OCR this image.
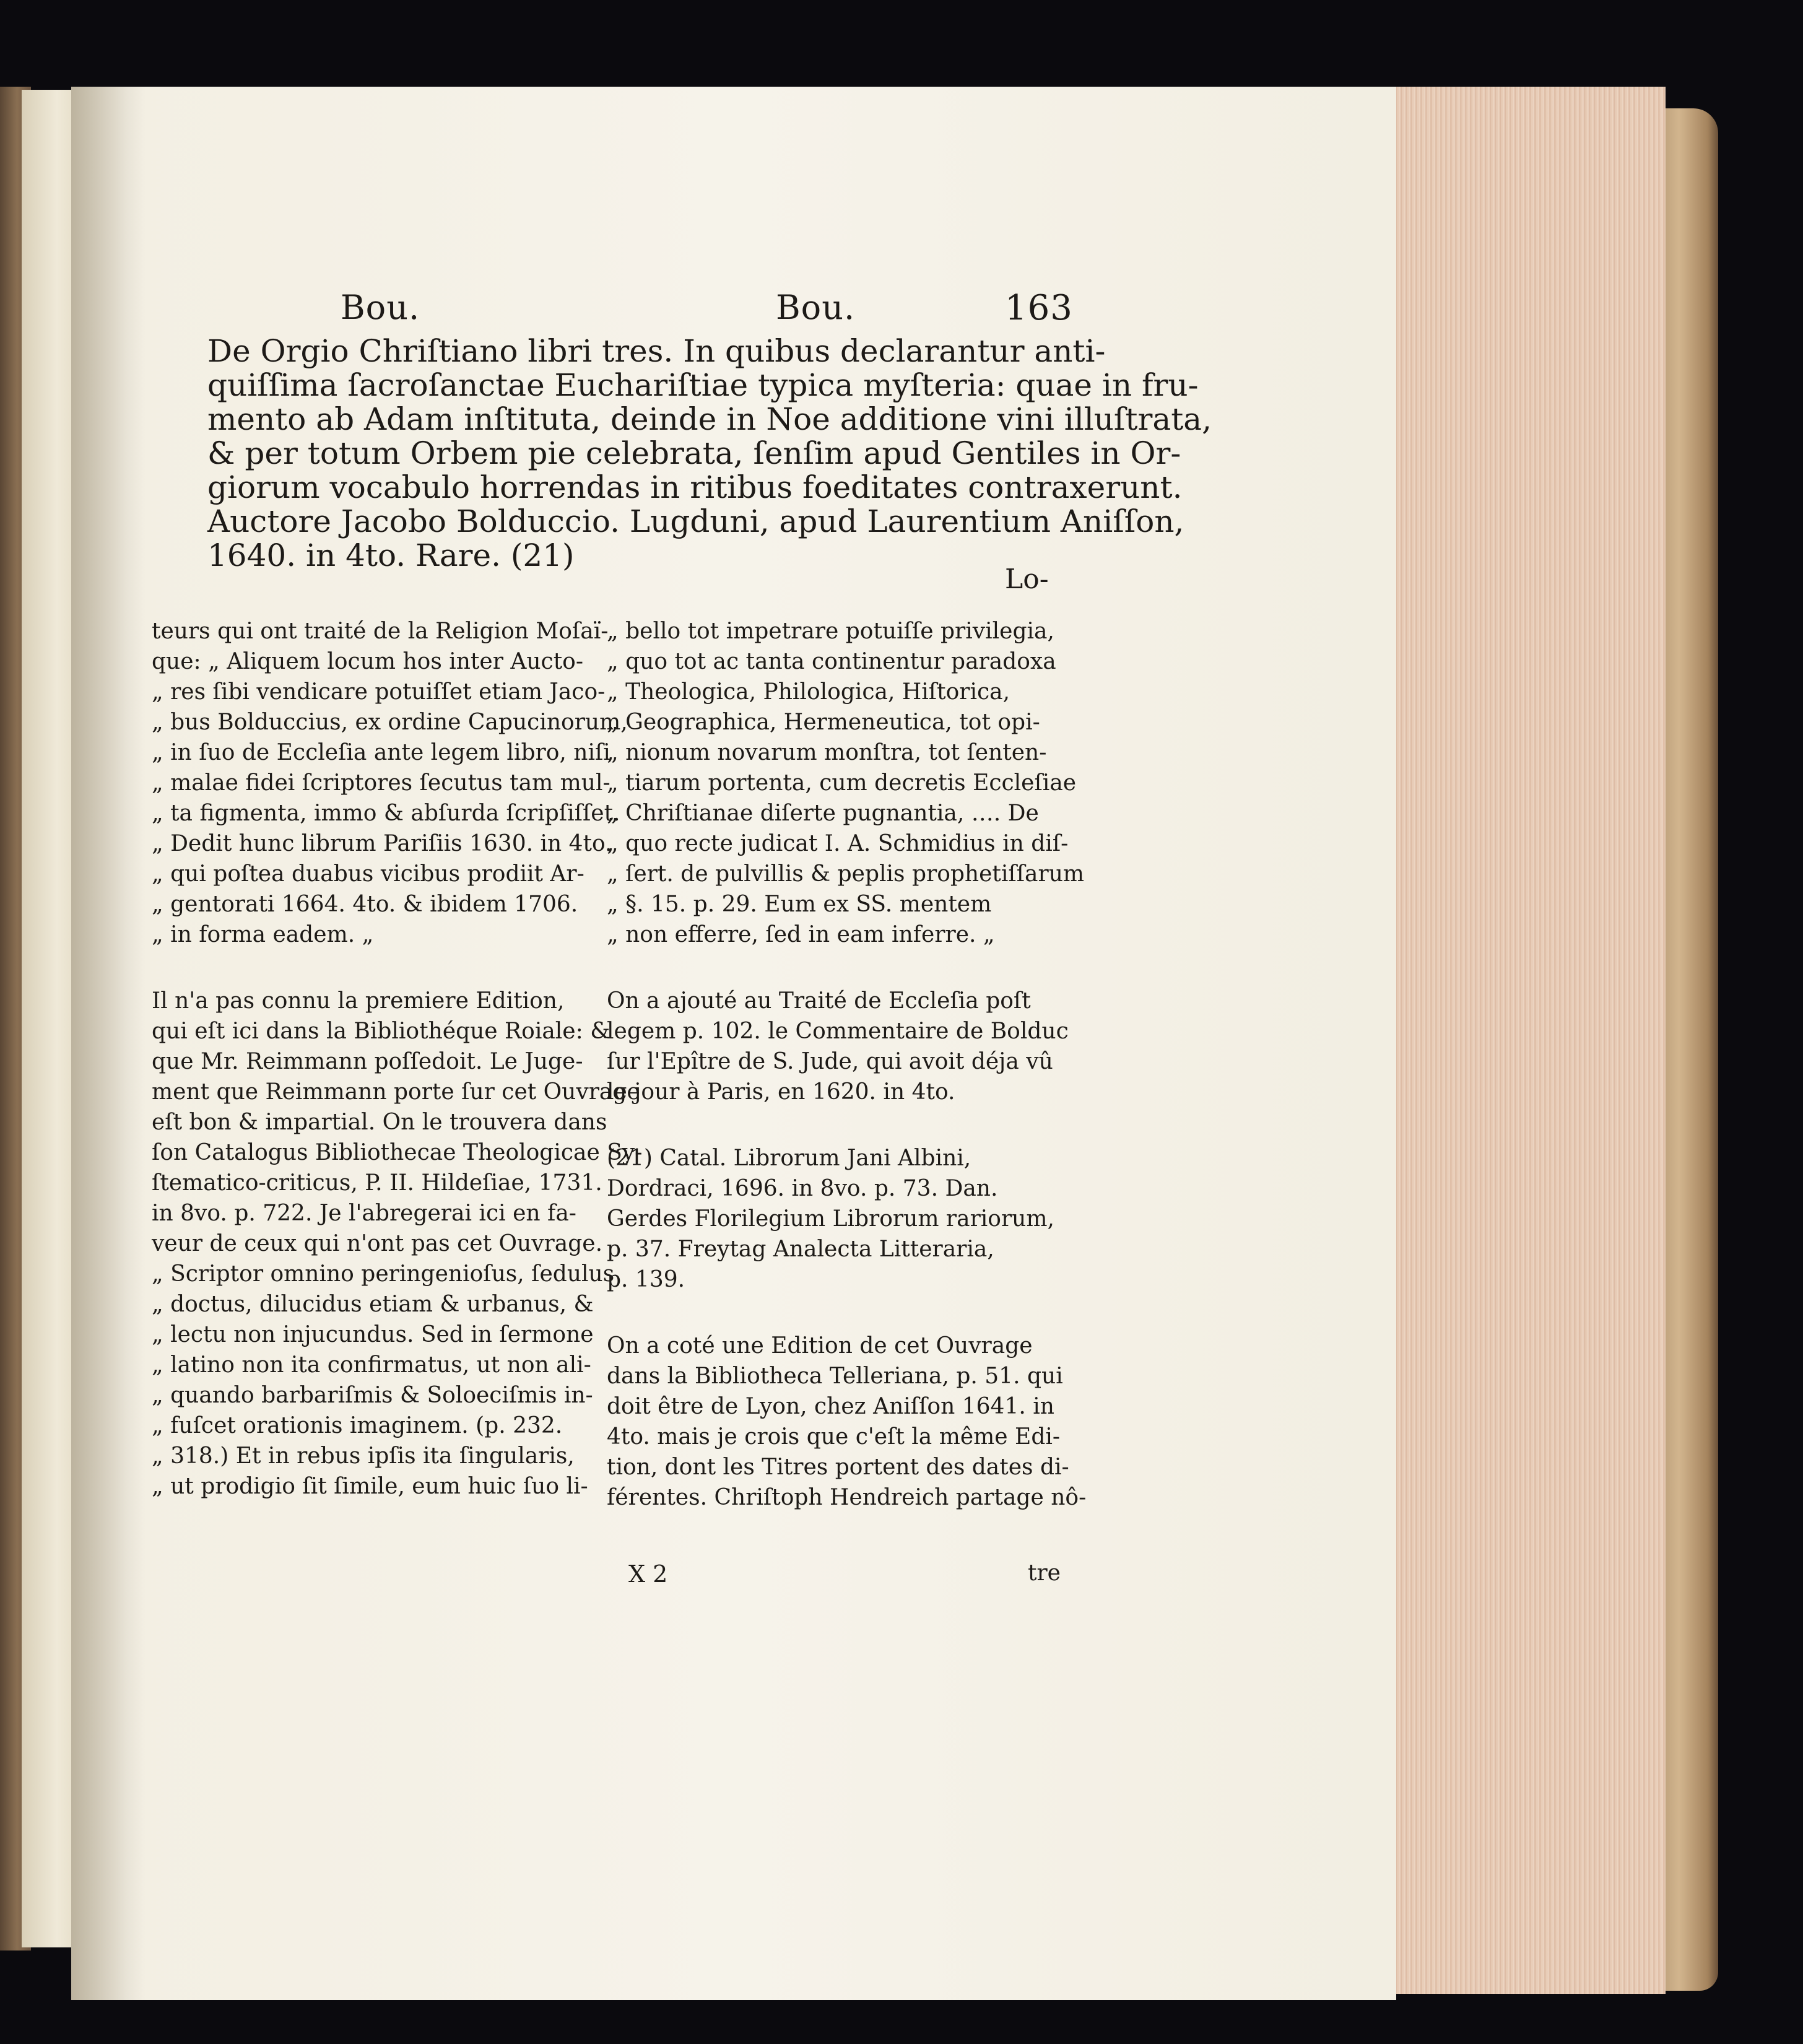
Bou.	Bou.	163
De Orgio Chriſtiano libri tres. In quibus declarantur anti-
quiſſima ſacroſanctae Euchariſtiae typica myſteria: quae in fru-
mento ab Adam inſtituta, deinde in Noe additione vini illuſtrata,
& per totum Orbem pie celebrata, ſenſim apud Gentiles in Or-
giorum vocabulo horrendas in ritibus foeditates contraxerunt.
Auctore Jacobo Bolduccio. Lugduni, apud Laurentium Aniſſon,
1640. in 4to. Rare. (21)
Lo-

teurs qui ont traité de la Religion Moſaï-
que: „ Aliquem locum hos inter Aucto-
„ res ſibi vendicare potuiſſet etiam Jaco-
„ bus Bolduccius, ex ordine Capucinorum,
„ in ſuo de Eccleſia ante legem libro, niſi
„ malae fidei ſcriptores ſecutus tam mul-
„ ta figmenta, immo & abſurda ſcripſiſſet.
„ Dedit hunc librum Pariſiis 1630. in 4to.
„ qui poſtea duabus vicibus prodiit Ar-
„ gentorati 1664. 4to. & ibidem 1706.
„ in forma eadem. „

Il n'a pas connu la premiere Edition,
qui eſt ici dans la Bibliothéque Roiale: &
que Mr. Reimmann poſſedoit. Le Juge-
ment que Reimmann porte ſur cet Ouvrage
eſt bon & impartial. On le trouvera dans
ſon Catalogus Bibliothecae Theologicae Sy-
ſtematico-criticus, P. II. Hildeſiae, 1731.
in 8vo. p. 722. Je l'abregerai ici en fa-
veur de ceux qui n'ont pas cet Ouvrage.
„ Scriptor omnino peringenioſus, ſedulus
„ doctus, dilucidus etiam & urbanus, &
„ lectu non injucundus. Sed in ſermone
„ latino non ita confirmatus, ut non ali-
„ quando barbariſmis & Soloeciſmis in-
„ fuſcet orationis imaginem. (p. 232.
„ 318.) Et in rebus ipſis ita ſingularis,
„ ut prodigio ſit ſimile, eum huic ſuo li-

„ bello tot impetrare potuiſſe privilegia,
„ quo tot ac tanta continentur paradoxa
„ Theologica, Philologica, Hiſtorica,
„ Geographica, Hermeneutica, tot opi-
„ nionum novarum monſtra, tot ſenten-
„ tiarum portenta, cum decretis Eccleſiae
„ Chriſtianae diſerte pugnantia, …. De
„ quo recte judicat I. A. Schmidius in diſ-
„ ſert. de pulvillis & peplis prophetiſſarum
„ §. 15. p. 29. Eum ex SS. mentem
„ non efferre, ſed in eam inferre. „

On a ajouté au Traité de Eccleſia poſt
legem p. 102. le Commentaire de Bolduc
ſur l'Epître de S. Jude, qui avoit déja vû
le jour à Paris, en 1620. in 4to.

(21) Catal. Librorum Jani Albini,
Dordraci, 1696. in 8vo. p. 73. Dan.
Gerdes Florilegium Librorum rariorum,
p. 37. Freytag Analecta Litteraria,
p. 139.

On a coté une Edition de cet Ouvrage
dans la Bibliotheca Telleriana, p. 51. qui
doit être de Lyon, chez Aniſſon 1641. in
4to. mais je crois que c'eſt la même Edi-
tion, dont les Titres portent des dates di-
férentes. Chriſtoph Hendreich partage nô-

X 2	tre
